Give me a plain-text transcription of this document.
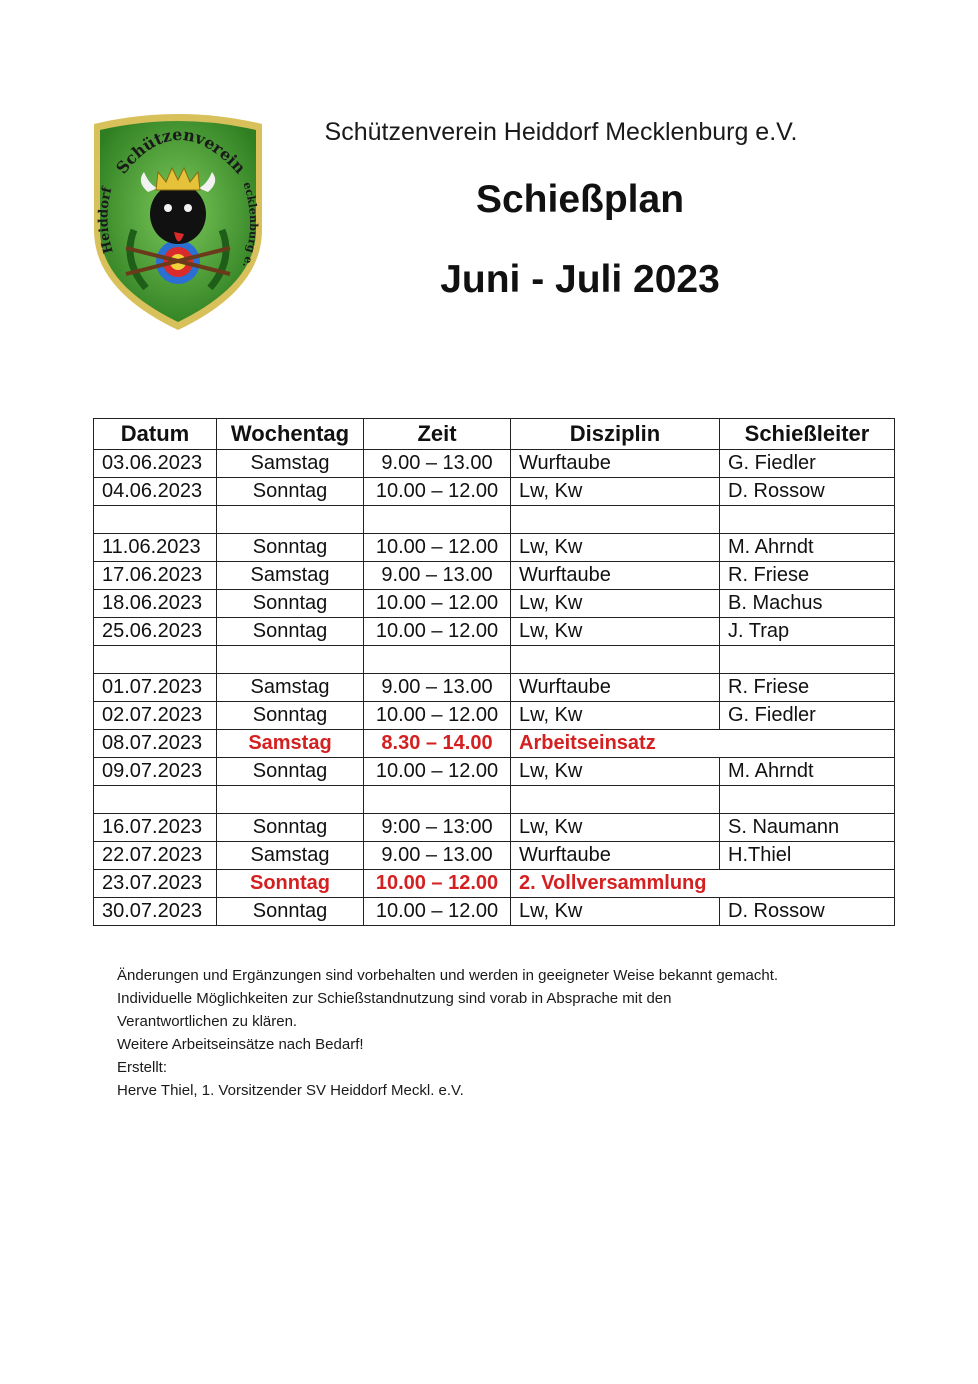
Schützenverein
Heiddorf	ecklenburg e.
Schützenverein Heiddorf Mecklenburg e.V.
Schießplan
Juni - Juli 2023
Datum	Wochentag	Zeit	Disziplin	Schießleiter
03.06.2023	Samstag	9.00 – 13.00	Wurftaube	G. Fiedler
04.06.2023	Sonntag	10.00 – 12.00	Lw, Kw	D. Rossow

11.06.2023	Sonntag	10.00 – 12.00	Lw, Kw	M. Ahrndt
17.06.2023	Samstag	9.00 – 13.00	Wurftaube	R. Friese
18.06.2023	Sonntag	10.00 – 12.00	Lw, Kw	B. Machus
25.06.2023	Sonntag	10.00 – 12.00	Lw, Kw	J. Trap

01.07.2023	Samstag	9.00 – 13.00	Wurftaube	R. Friese
02.07.2023	Sonntag	10.00 – 12.00	Lw, Kw	G. Fiedler
08.07.2023	Samstag	8.30 – 14.00	Arbeitseinsatz	
09.07.2023	Sonntag	10.00 – 12.00	Lw, Kw	M. Ahrndt

16.07.2023	Sonntag	9:00 – 13:00	Lw, Kw	S. Naumann
22.07.2023	Samstag	9.00 – 13.00	Wurftaube	H.Thiel
23.07.2023	Sonntag	10.00 – 12.00	2. Vollversammlung	
30.07.2023	Sonntag	10.00 – 12.00	Lw, Kw	D. Rossow
Änderungen und Ergänzungen sind vorbehalten und werden in geeigneter Weise bekannt gemacht.
Individuelle Möglichkeiten zur Schießstandnutzung sind vorab in Absprache mit den
Verantwortlichen zu klären.
Weitere Arbeitseinsätze nach Bedarf!
Erstellt:
Herve Thiel, 1. Vorsitzender SV Heiddorf Meckl. e.V.
